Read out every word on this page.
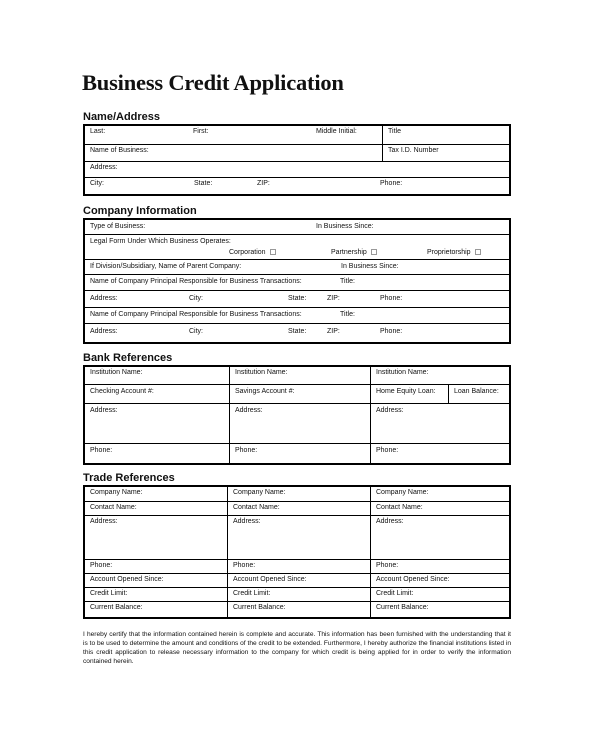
Business Credit Application
Name/Address
Last:	First:	Middle Initial:	Title
Name of Business:	Tax I.D. Number
Address:
City:	State:	ZIP:	Phone:
Company Information
Type of Business:	In Business Since:
Legal Form Under Which Business Operates:
Corporation	Partnership	Proprietorship
If Division/Subsidiary, Name of Parent Company:	In Business Since:
Name of Company Principal Responsible for Business Transactions:	Title:
Address:	City:	State:	ZIP:	Phone:
Name of Company Principal Responsible for Business Transactions:	Title:
Address:	City:	State:	ZIP:	Phone:
Bank References
Institution Name:	Institution Name:	Institution Name:
Checking Account #:	Savings Account #:	Home Equity Loan:	Loan Balance:
Address:	Address:	Address:
Phone:	Phone:	Phone:
Trade References
Company Name:	Company Name:	Company Name:
Contact Name:	Contact Name:	Contact Name:
Address:	Address:	Address:
Phone:	Phone:	Phone:
Account Opened Since:	Account Opened Since:	Account Opened Since:
Credit Limit:	Credit Limit:	Credit Limit:
Current Balance:	Current Balance:	Current Balance:
I hereby certify that the information contained herein is complete and accurate. This information has been furnished with the understanding that it is to be used to determine the amount and conditions of the credit to be extended. Furthermore, I hereby authorize the financial institutions listed in this credit application to release necessary information to the company for which credit is being applied for in order to verify the information contained herein.
